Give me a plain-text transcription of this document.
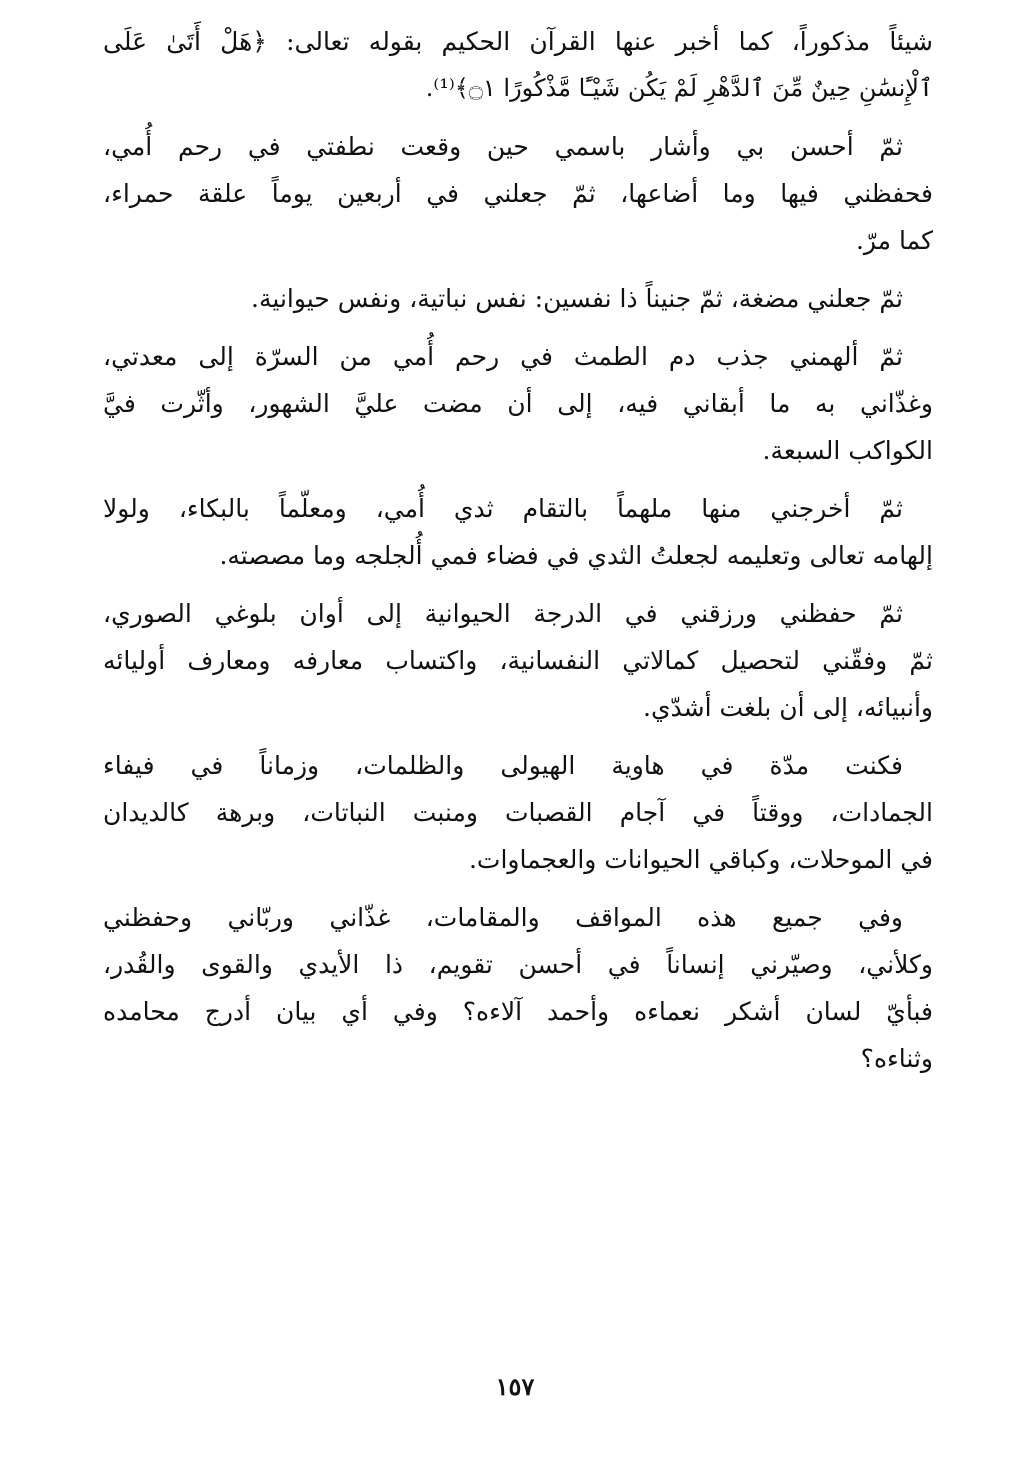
شيئاً مذكوراً، كما أخبر عنها القرآن الحكيم بقوله تعالى: ﴿هَلْ أَتَىٰ عَلَى
ٱلْإِنسَٰنِ حِينٌ مِّنَ ٱلدَّهْرِ لَمْ يَكُن شَيْـًٔا مَّذْكُورًا ۝١﴾⁽¹⁾.
ثمّ أحسن بي وأشار باسمي حين وقعت نطفتي في رحم أُمي،
فحفظني فيها وما أضاعها، ثمّ جعلني في أربعين يوماً علقة حمراء،
كما مرّ.
ثمّ جعلني مضغة، ثمّ جنيناً ذا نفسين: نفس نباتية، ونفس حيوانية.
ثمّ ألهمني جذب دم الطمث في رحم أُمي من السرّة إلى معدتي،
وغذّاني به ما أبقاني فيه، إلى أن مضت عليَّ الشهور، وأثّرت فيَّ
الكواكب السبعة.
ثمّ أخرجني منها ملهماً بالتقام ثدي أُمي، ومعلّماً بالبكاء، ولولا
إلهامه تعالى وتعليمه لجعلتُ الثدي في فضاء فمي أُلجلجه وما مصصته.
ثمّ حفظني ورزقني في الدرجة الحيوانية إلى أوان بلوغي الصوري،
ثمّ وفقّني لتحصيل كمالاتي النفسانية، واكتساب معارفه ومعارف أوليائه
وأنبيائه، إلى أن بلغت أشدّي.
فكنت مدّة في هاوية الهيولى والظلمات، وزماناً في فيفاء
الجمادات، ووقتاً في آجام القصبات ومنبت النباتات، وبرهة كالديدان
في الموحلات، وكباقي الحيوانات والعجماوات.
وفي جميع هذه المواقف والمقامات، غذّاني وربّاني وحفظني
وكلأني، وصيّرني إنساناً في أحسن تقويم، ذا الأيدي والقوى والقُدر،
فبأيّ لسان أشكر نعماءه وأحمد آلاءه؟ وفي أي بيان أدرج محامده
وثناءه؟
١٥٧
